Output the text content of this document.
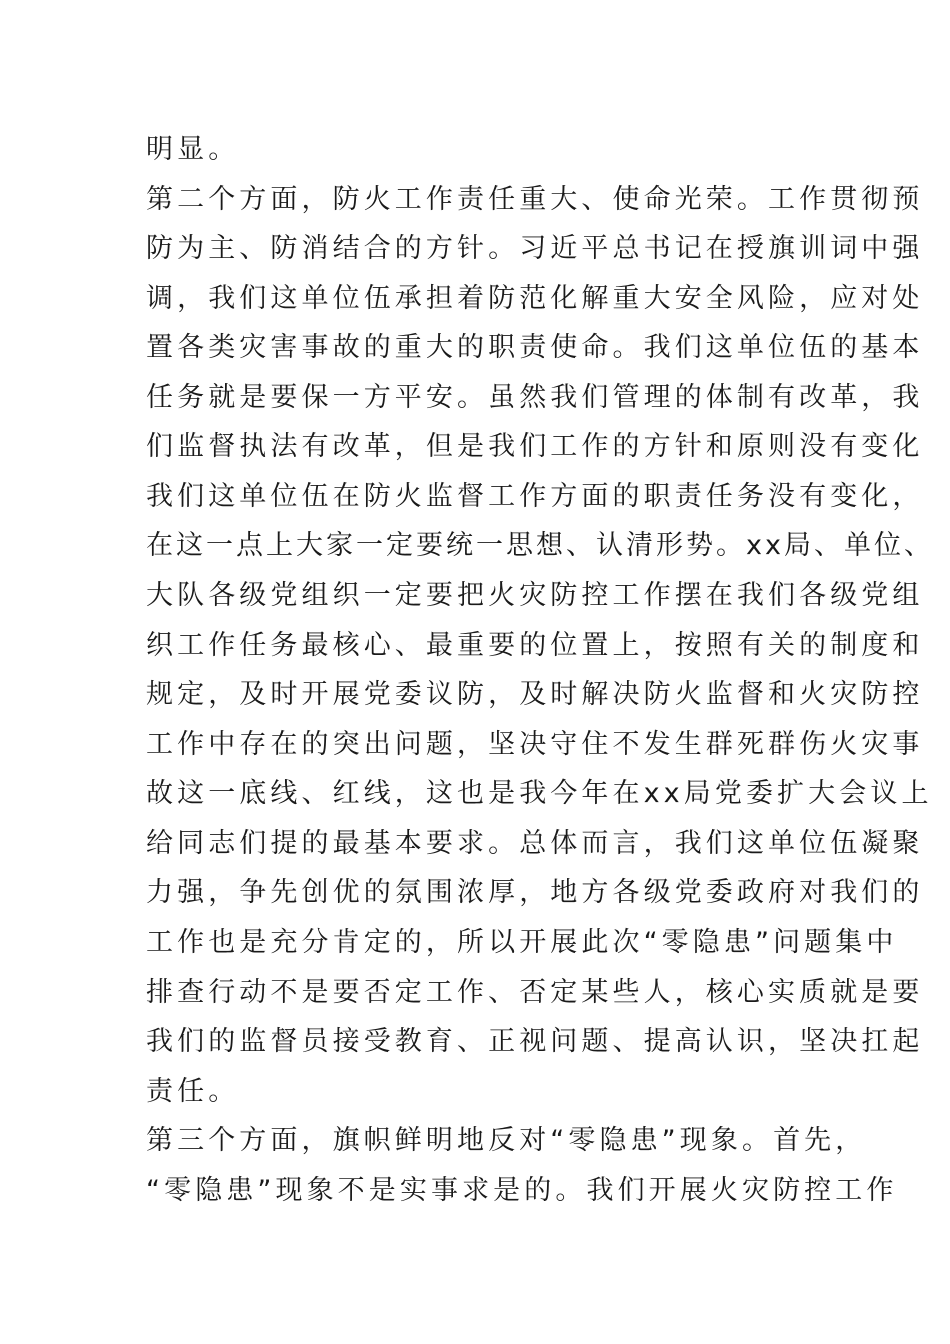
明显。
第二个方面，防火工作责任重大、使命光荣。工作贯彻预
防为主、防消结合的方针。习近平总书记在授旗训词中强
调，我们这单位伍承担着防范化解重大安全风险，应对处
置各类灾害事故的重大的职责使命。我们这单位伍的基本
任务就是要保一方平安。虽然我们管理的体制有改革，我
们监督执法有改革，但是我们工作的方针和原则没有变化
我们这单位伍在防火监督工作方面的职责任务没有变化，
在这一点上大家一定要统一思想、认清形势。xx局、单位、
大队各级党组织一定要把火灾防控工作摆在我们各级党组
织工作任务最核心、最重要的位置上，按照有关的制度和
规定，及时开展党委议防，及时解决防火监督和火灾防控
工作中存在的突出问题，坚决守住不发生群死群伤火灾事
故这一底线、红线，这也是我今年在xx局党委扩大会议上
给同志们提的最基本要求。总体而言，我们这单位伍凝聚
力强，争先创优的氛围浓厚，地方各级党委政府对我们的
工作也是充分肯定的，所以开展此次“零隐患”问题集中
排查行动不是要否定工作、否定某些人，核心实质就是要
我们的监督员接受教育、正视问题、提高认识，坚决扛起
责任。
第三个方面，旗帜鲜明地反对“零隐患”现象。首先，
“零隐患”现象不是实事求是的。我们开展火灾防控工作
